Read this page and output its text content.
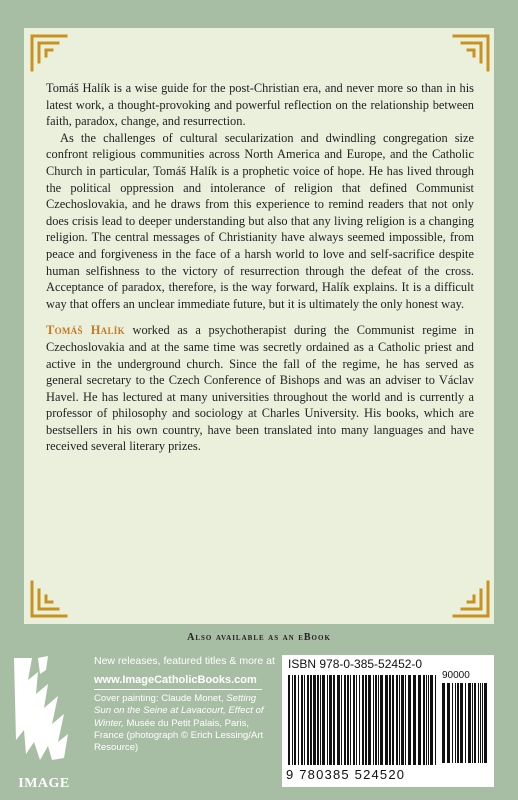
Tomáš Halík is a wise guide for the post-Christian era, and never more so than in his latest work, a thought-provoking and powerful reflection on the relationship between faith, paradox, change, and resurrection.

As the challenges of cultural secularization and dwindling congregation size confront religious communities across North America and Europe, and the Catholic Church in particular, Tomáš Halík is a prophetic voice of hope. He has lived through the political oppression and intolerance of religion that defined Communist Czechoslovakia, and he draws from this experience to remind readers that not only does crisis lead to deeper understanding but also that any living religion is a changing religion. The central messages of Christianity have always seemed impossible, from peace and forgiveness in the face of a harsh world to love and self-sacrifice despite human selfishness to the victory of resurrection through the defeat of the cross. Acceptance of paradox, therefore, is the way forward, Halík explains. It is a difficult way that offers an unclear immediate future, but it is ultimately the only honest way.

Tomáš Halík worked as a psychotherapist during the Communist regime in Czechoslovakia and at the same time was secretly ordained as a Catholic priest and active in the underground church. Since the fall of the regime, he has served as general secretary to the Czech Conference of Bishops and was an adviser to Václav Havel. He has lectured at many universities throughout the world and is currently a professor of philosophy and sociology at Charles University. His books, which are bestsellers in his own country, have been translated into many languages and have received several literary prizes.

Also available as an eBook
IMAGE
New releases, featured titles & more at
www.ImageCatholicBooks.com
Cover painting: Claude Monet, Setting Sun on the Seine at Lavacourt, Effect of Winter, Musée du Petit Palais, Paris, France (photograph © Erich Lessing/Art Resource)
ISBN 978-0-385-52452-0
90000
9 780385 524520
